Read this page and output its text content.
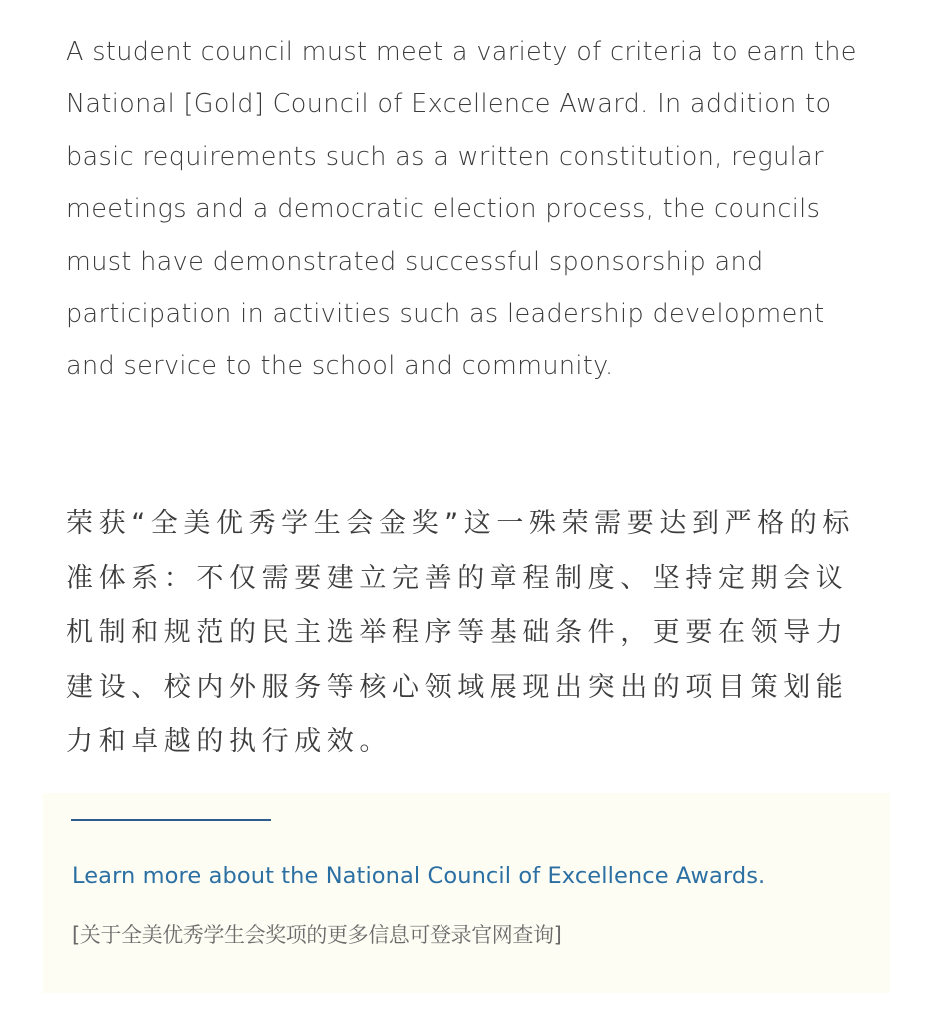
A student council must meet a variety of criteria to earn the National [Gold] Council of Excellence Award. In addition to basic requirements such as a written constitution, regular meetings and a democratic election process, the councils must have demonstrated successful sponsorship and participation in activities such as leadership development and service to the school and community.

荣获“全美优秀学生会金奖”这一殊荣需要达到严格的标准体系：不仅需要建立完善的章程制度、坚持定期会议机制和规范的民主选举程序等基础条件，更要在领导力建设、校内外服务等核心领域展现出突出的项目策划能力和卓越的执行成效。

Learn more about the National Council of Excellence Awards.
[关于全美优秀学生会奖项的更多信息可登录官网查询]
